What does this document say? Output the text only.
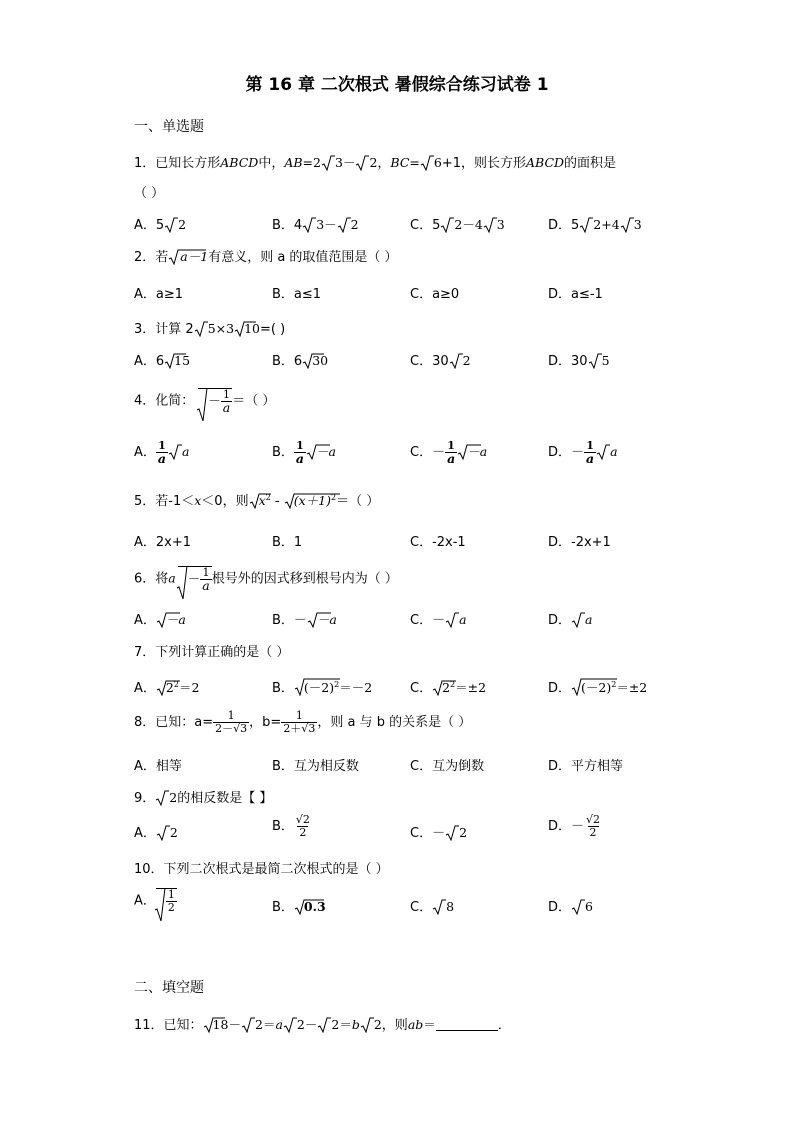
第 16 章 二次根式 暑假综合练习试卷 1
一、单选题
1．已知长方形ABCD中，AB=2 3－ 2，BC= 6+1，则长方形ABCD的面积是
（ ）
A．5 2	B．4 3－ 2	C．5 2－4 3	D．5 2+4 3
2．若 a－1有意义，则 a 的取值范围是（ ）
A．a≥1	B．a≤1	C．a≥0	D．a≤-1
3．计算 2 5×3 10=( )
A．6 15	B．6 30	C．30 2	D．30 5
4．化简： － $\frac{1}{a}$ ＝（ ）
A． $\frac{1}{a}$ a	B． $\frac{1}{a} -a$	C．－ $\frac{1}{a} -a$	D．－ $\frac{1}{a}$ a
5．若-1＜x＜0，则 $x^2 - (x+1)^2=$（ ）
A．2x+1	B．1	C．-2x-1	D．-2x+1
6．将$a - \frac{1}{a}$ 根号外的因式移到根号内为（ ）
A． －a	B．－ －a	C．－ a	D． a
7．下列计算正确的是（ ）
A． $2^2=2$	B． $(-2)^2=-2$	C． $2^2=\pm 2$	D． $(-2)^2=\pm 2$
8．已知：$a= \frac{1}{2-√3}$ ，$b= \frac{1}{2+√3}$ ，则 a 与 b 的关系是（ ）
A．相等	B．互为相反数	C．互为倒数	D．平方相等
9． 2的相反数是【 】
A． 2	B． $\frac{√2}{2}$	C．－ 2	D．－ $\frac{√2}{2}$
10．下列二次根式是最简二次根式的是（ ）
A． $\frac{1}{2}$	B． 0.3	C． 8	D． 6
二、填空题
11．已知： 18－ 2＝a 2－ 2＝b 2，则ab＝	．
